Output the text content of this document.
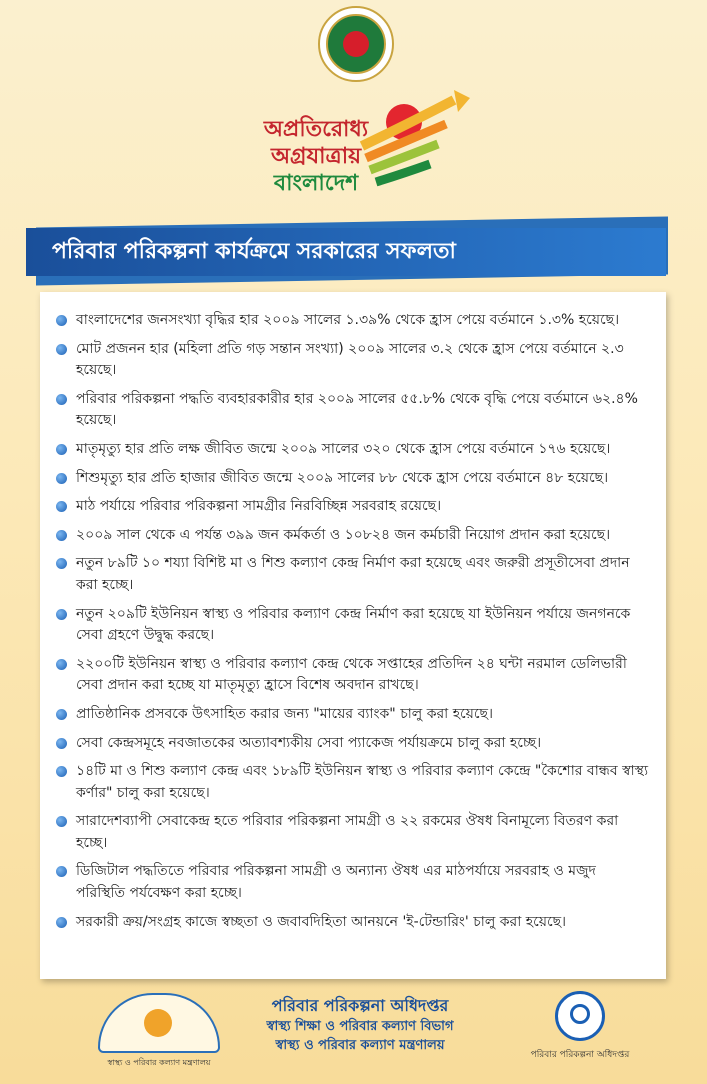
অপ্রতিরোধ্য
অগ্রযাত্রায়
বাংলাদেশ
পরিবার পরিকল্পনা কার্যক্রমে সরকারের সফলতা
বাংলাদেশের জনসংখ্যা বৃদ্ধির হার ২০০৯ সালের ১.৩৯% থেকে হ্রাস পেয়ে বর্তমানে ১.৩% হয়েছে।
মোট প্রজনন হার (মহিলা প্রতি গড় সন্তান সংখ্যা) ২০০৯ সালের ৩.২ থেকে হ্রাস পেয়ে বর্তমানে ২.৩ হয়েছে।
পরিবার পরিকল্পনা পদ্ধতি ব্যবহারকারীর হার ২০০৯ সালের ৫৫.৮% থেকে বৃদ্ধি পেয়ে বর্তমানে ৬২.৪% হয়েছে।
মাতৃমৃত্যু হার প্রতি লক্ষ জীবিত জন্মে ২০০৯ সালের ৩২০ থেকে হ্রাস পেয়ে বর্তমানে ১৭৬ হয়েছে।
শিশুমৃত্যু হার প্রতি হাজার জীবিত জন্মে ২০০৯ সালের ৮৮ থেকে হ্রাস পেয়ে বর্তমানে ৪৮ হয়েছে।
মাঠ পর্যায়ে পরিবার পরিকল্পনা সামগ্রীর নিরবিচ্ছিন্ন সরবরাহ রয়েছে।
২০০৯ সাল থেকে এ পর্যন্ত ৩৯৯ জন কর্মকর্তা ও ১০৮২৪ জন কর্মচারী নিয়োগ প্রদান করা হয়েছে।
নতুন ৮৯টি ১০ শয্যা বিশিষ্ট মা ও শিশু কল্যাণ কেন্দ্র নির্মাণ করা হয়েছে এবং জরুরী প্রসূতীসেবা প্রদান করা হচ্ছে।
নতুন ২০৯টি ইউনিয়ন স্বাস্থ্য ও পরিবার কল্যাণ কেন্দ্র নির্মাণ করা হয়েছে যা ইউনিয়ন পর্যায়ে জনগনকে সেবা গ্রহণে উদ্বুদ্ধ করছে।
২২০০টি ইউনিয়ন স্বাস্থ্য ও পরিবার কল্যাণ কেন্দ্র থেকে সপ্তাহের প্রতিদিন ২৪ ঘন্টা নরমাল ডেলিভারী সেবা প্রদান করা হচ্ছে যা মাতৃমৃত্যু হ্রাসে বিশেষ অবদান রাখছে।
প্রাতিষ্ঠানিক প্রসবকে উৎসাহিত করার জন্য "মায়ের ব্যাংক" চালু করা হয়েছে।
সেবা কেন্দ্রসমূহে নবজাতকের অত্যাবশ্যকীয় সেবা প্যাকেজ পর্যায়ক্রমে চালু করা হচ্ছে।
১৪টি মা ও শিশু কল্যাণ কেন্দ্র এবং ১৮৯টি ইউনিয়ন স্বাস্থ্য ও পরিবার কল্যাণ কেন্দ্রে "কৈশোর বান্ধব স্বাস্থ্য কর্ণার" চালু করা হয়েছে।
সারাদেশব্যাপী সেবাকেন্দ্র হতে পরিবার পরিকল্পনা সামগ্রী ও ২২ রকমের ঔষধ বিনামূল্যে বিতরণ করা হচ্ছে।
ডিজিটাল পদ্ধতিতে পরিবার পরিকল্পনা সামগ্রী ও অন্যান্য ঔষধ এর মাঠপর্যায়ে সরবরাহ ও মজুদ পরিস্থিতি পর্যবেক্ষণ করা হচ্ছে।
সরকারী ক্রয়/সংগ্রহ কাজে স্বচ্ছতা ও জবাবদিহিতা আনয়নে 'ই-টেন্ডারিং' চালু করা হয়েছে।
স্বাস্থ্য ও পরিবার কল্যাণ মন্ত্রণালয়
পরিবার পরিকল্পনা অধিদপ্তর
স্বাস্থ্য শিক্ষা ও পরিবার কল্যাণ বিভাগ
স্বাস্থ্য ও পরিবার কল্যাণ মন্ত্রণালয়
পরিবার পরিকল্পনা অধিদপ্তর
